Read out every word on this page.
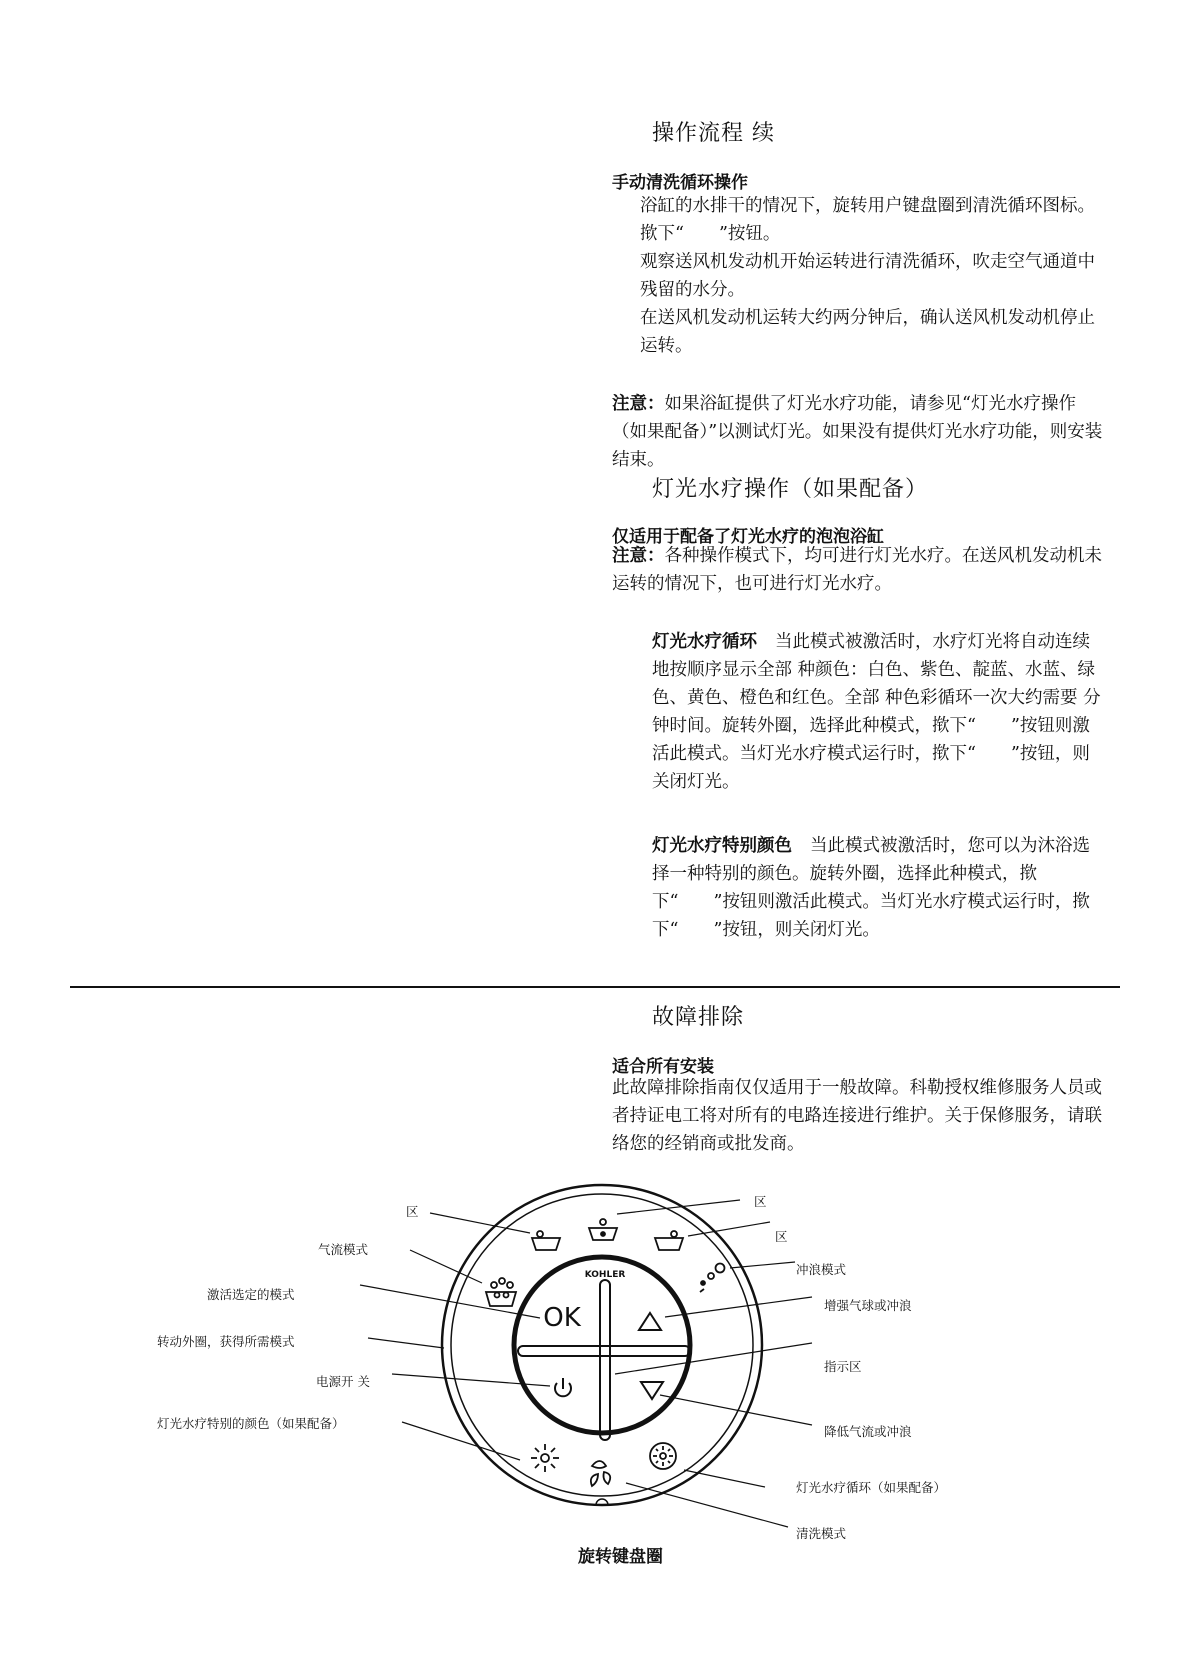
操作流程 续
手动清洗循环操作
浴缸的水排干的情况下，旋转用户键盘圈到清洗循环图标。
揿下“　　”按钮。
观察送风机发动机开始运转进行清洗循环，吹走空气通道中残留的水分。
在送风机发动机运转大约两分钟后，确认送风机发动机停止运转。
注意：如果浴缸提供了灯光水疗功能，请参见“灯光水疗操作（如果配备）”以测试灯光。如果没有提供灯光水疗功能，则安装结束。
灯光水疗操作（如果配备）
仅适用于配备了灯光水疗的泡泡浴缸
注意：各种操作模式下，均可进行灯光水疗。在送风机发动机未运转的情况下，也可进行灯光水疗。
灯光水疗循环 当此模式被激活时，水疗灯光将自动连续地按顺序显示全部 种颜色：白色、紫色、靛蓝、水蓝、绿色、黄色、橙色和红色。全部 种色彩循环一次大约需要 分钟时间。旋转外圈，选择此种模式，揿下“　　”按钮则激活此模式。当灯光水疗模式运行时，揿下“　　”按钮，则关闭灯光。
灯光水疗特别颜色 当此模式被激活时，您可以为沐浴选择一种特别的颜色。旋转外圈，选择此种模式，揿下“　　”按钮则激活此模式。当灯光水疗模式运行时，揿下“　　”按钮，则关闭灯光。
故障排除
适合所有安装
此故障排除指南仅仅适用于一般故障。科勒授权维修服务人员或者持证电工将对所有的电路连接进行维护。关于保修服务，请联络您的经销商或批发商。
OK
KOHLER
区
区
区
气流模式
激活选定的模式
转动外圈，获得所需模式
电源开 关
灯光水疗特别的颜色（如果配备）
冲浪模式
增强气球或冲浪
指示区
降低气流或冲浪
灯光水疗循环（如果配备）
清洗模式
旋转键盘圈
